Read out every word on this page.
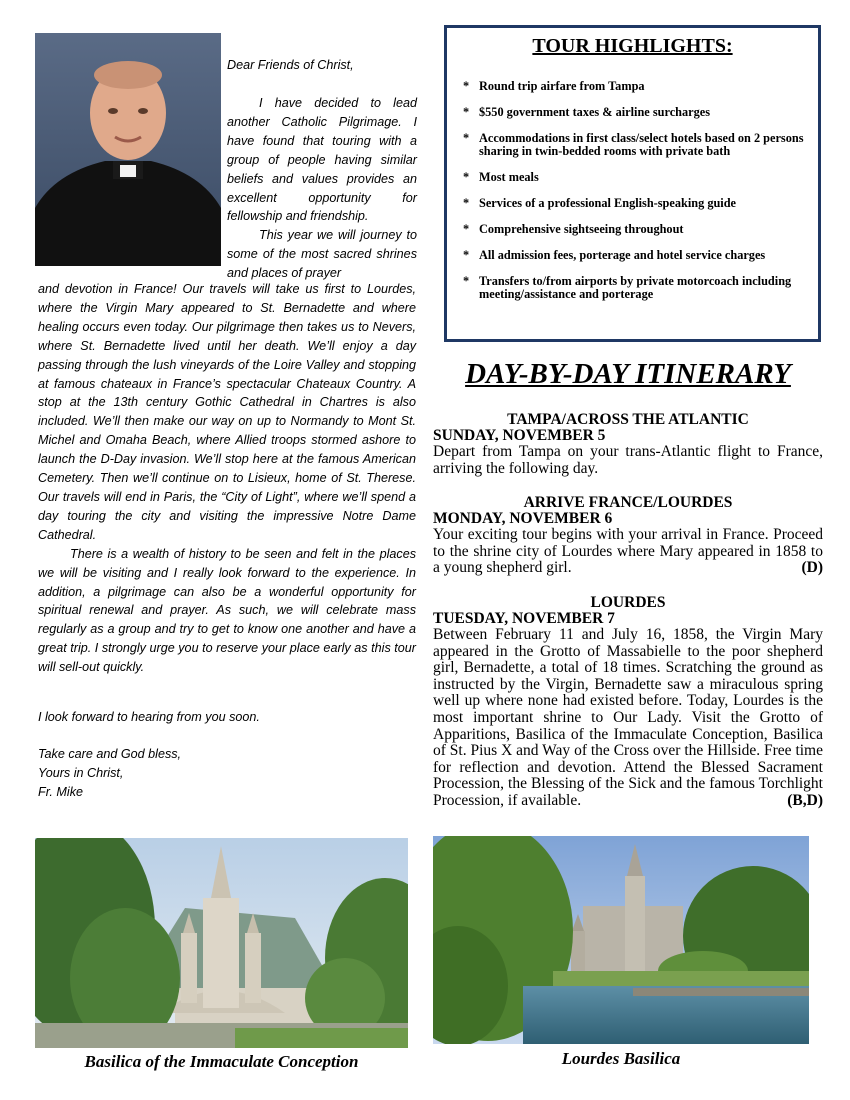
Dear Friends of Christ,

I have decided to lead another Catholic Pilgrimage. I have found that touring with a group of people having similar beliefs and values provides an excellent opportunity for fellowship and friendship.

This year we will journey to some of the most sacred shrines and places of prayer

and devotion in France! Our travels will take us first to Lourdes, where the Virgin Mary appeared to St. Bernadette and where healing occurs even today. Our pilgrimage then takes us to Nevers, where St. Bernadette lived until her death. We’ll enjoy a day passing through the lush vineyards of the Loire Valley and stopping at famous chateaux in France’s spectacular Chateaux Country. A stop at the 13th century Gothic Cathedral in Chartres is also included. We’ll then make our way on up to Normandy to Mont St. Michel and Omaha Beach, where Allied troops stormed ashore to launch the D-Day invasion. We’ll stop here at the famous American Cemetery. Then we’ll continue on to Lisieux, home of St. Therese. Our travels will end in Paris, the “City of Light”, where we’ll spend a day touring the city and visiting the impressive Notre Dame Cathedral.

There is a wealth of history to be seen and felt in the places we will be visiting and I really look forward to the experience. In addition, a pilgrimage can also be a wonderful opportunity for spiritual renewal and prayer. As such, we will celebrate mass regularly as a group and try to get to know one another and have a great trip. I strongly urge you to reserve your place early as this tour will sell-out quickly.

I look forward to hearing from you soon.
Take care and God bless,
Yours in Christ,
Fr. Mike
TOUR HIGHLIGHTS:
* Round trip airfare from Tampa
* $550 government taxes & airline surcharges
* Accommodations in first class/select hotels based on 2 persons sharing in twin-bedded rooms with private bath
* Most meals
* Services of a professional English-speaking guide
* Comprehensive sightseeing throughout
* All admission fees, porterage and hotel service charges
* Transfers to/from airports by private motorcoach including meeting/assistance and porterage
DAY-BY-DAY ITINERARY
TAMPA/ACROSS THE ATLANTIC
SUNDAY, NOVEMBER 5
Depart from Tampa on your trans-Atlantic flight to France, arriving the following day.
ARRIVE FRANCE/LOURDES
MONDAY, NOVEMBER 6
Your exciting tour begins with your arrival in France. Proceed to the shrine city of Lourdes where Mary appeared in 1858 to a young shepherd girl.	(D)
LOURDES
TUESDAY, NOVEMBER 7
Between February 11 and July 16, 1858, the Virgin Mary appeared in the Grotto of Massabielle to the poor shepherd girl, Bernadette, a total of 18 times. Scratching the ground as instructed by the Virgin, Bernadette saw a miraculous spring well up where none had existed before. Today, Lourdes is the most important shrine to Our Lady. Visit the Grotto of Apparitions, Basilica of the Immaculate Conception, Basilica of St. Pius X and Way of the Cross over the Hillside. Free time for reflection and devotion. Attend the Blessed Sacrament Procession, the Blessing of the Sick and the famous Torchlight Procession, if available.	(B,D)
Basilica of the Immaculate Conception	Lourdes Basilica
